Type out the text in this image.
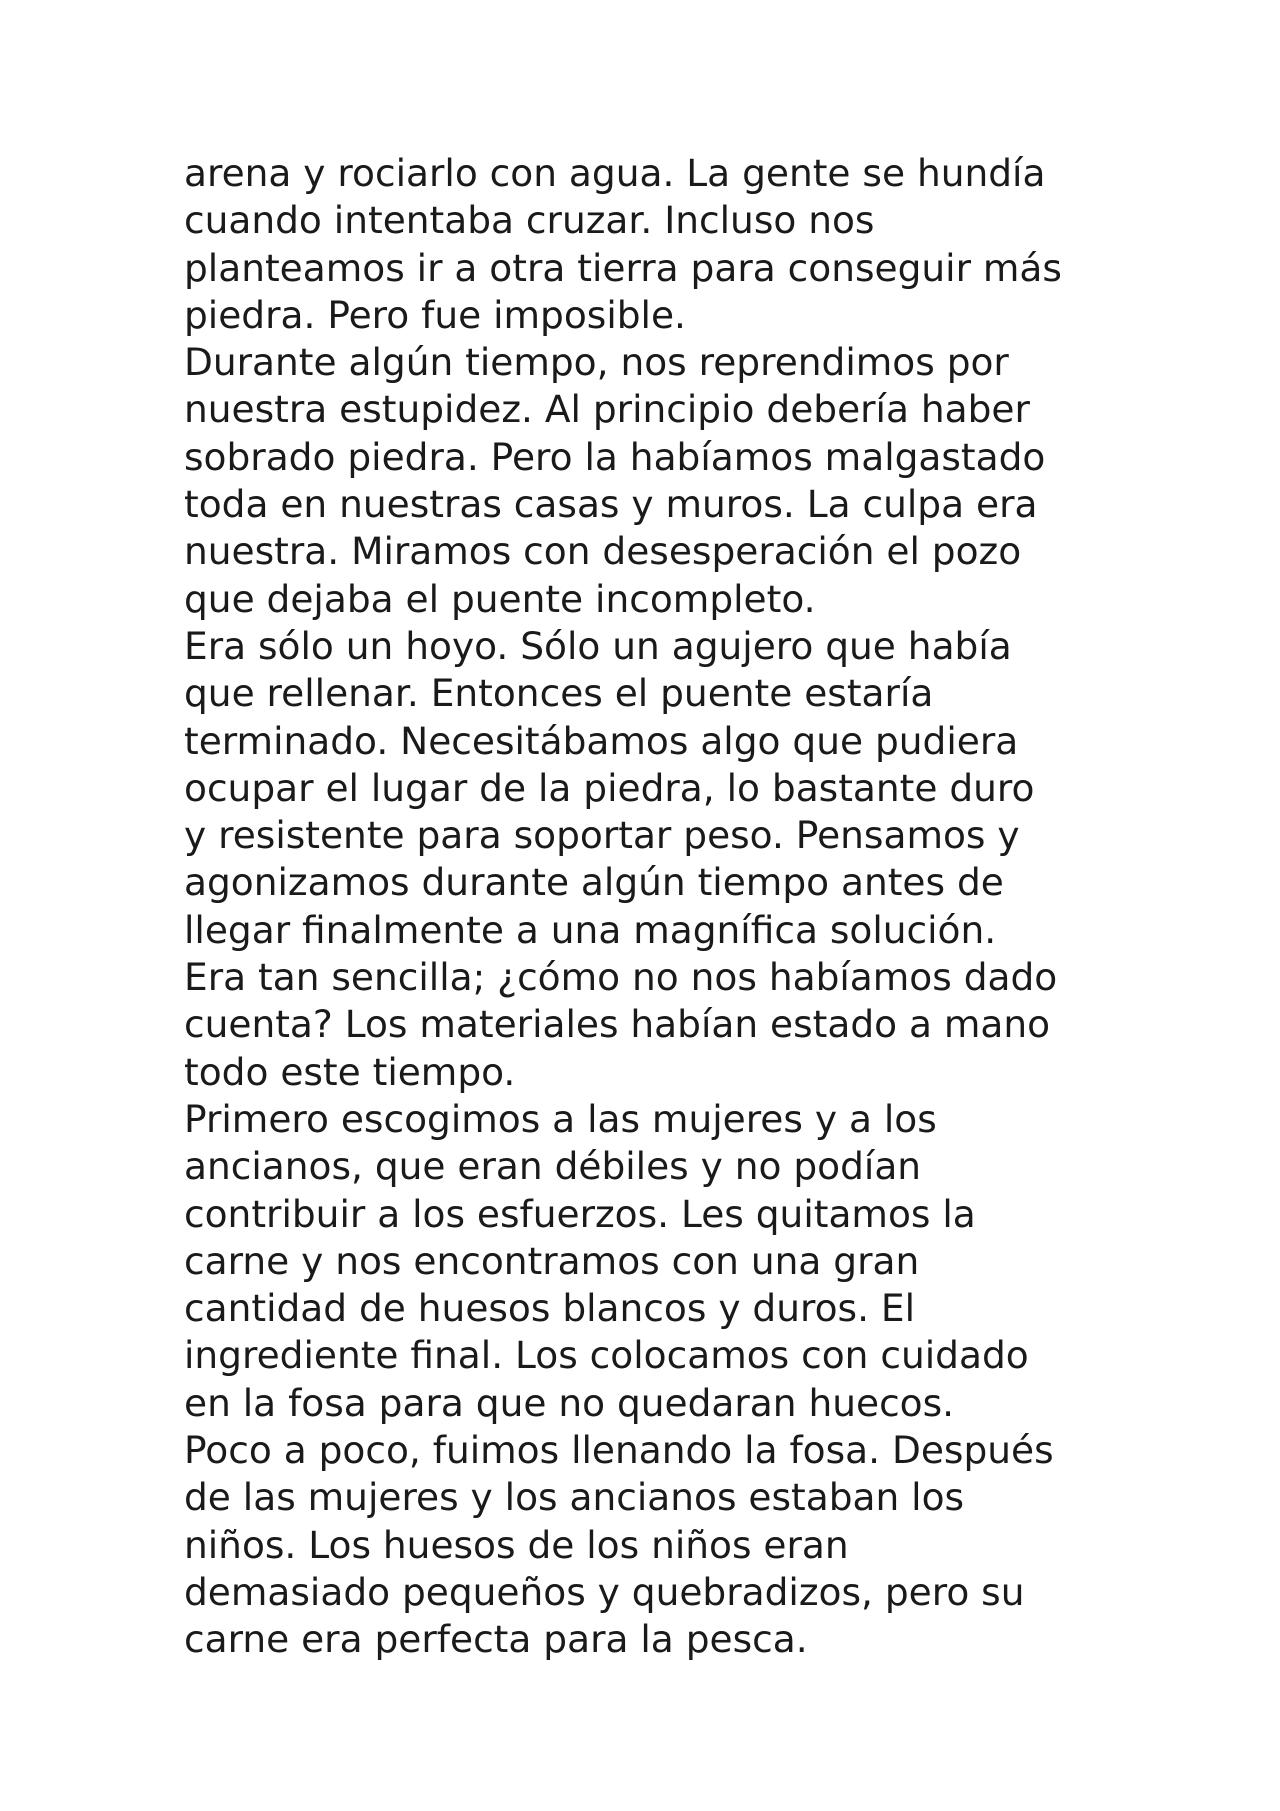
arena y rociarlo con agua. La gente se hundía
cuando intentaba cruzar. Incluso nos
planteamos ir a otra tierra para conseguir más
piedra. Pero fue imposible.
Durante algún tiempo, nos reprendimos por
nuestra estupidez. Al principio debería haber
sobrado piedra. Pero la habíamos malgastado
toda en nuestras casas y muros. La culpa era
nuestra. Miramos con desesperación el pozo
que dejaba el puente incompleto.
Era sólo un hoyo. Sólo un agujero que había
que rellenar. Entonces el puente estaría
terminado. Necesitábamos algo que pudiera
ocupar el lugar de la piedra, lo bastante duro
y resistente para soportar peso. Pensamos y
agonizamos durante algún tiempo antes de
llegar finalmente a una magnífica solución.
Era tan sencilla; ¿cómo no nos habíamos dado
cuenta? Los materiales habían estado a mano
todo este tiempo.
Primero escogimos a las mujeres y a los
ancianos, que eran débiles y no podían
contribuir a los esfuerzos. Les quitamos la
carne y nos encontramos con una gran
cantidad de huesos blancos y duros. El
ingrediente final. Los colocamos con cuidado
en la fosa para que no quedaran huecos.
Poco a poco, fuimos llenando la fosa. Después
de las mujeres y los ancianos estaban los
niños. Los huesos de los niños eran
demasiado pequeños y quebradizos, pero su
carne era perfecta para la pesca.
